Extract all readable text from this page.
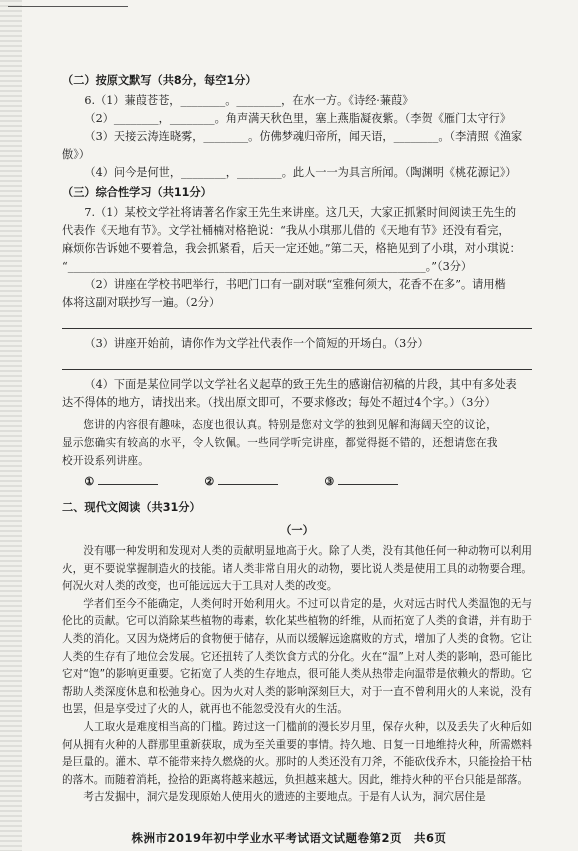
（二）按原文默写（共8分，每空1分）
6.（1）蒹葭苍苍，________。________，在水一方。《诗经·蒹葭》
（2）________，________。角声满天秋色里，塞上燕脂凝夜紫。（李贺《雁门太守行》
（3）天接云涛连晓雾，________。仿佛梦魂归帝所，闻天语，________。（李清照《渔家
傲》）
（4）问今是何世，________，________。此人一一为具言所闻。（陶渊明《桃花源记》）
（三）综合性学习（共11分）
7.（1）某校文学社将请著名作家王先生来讲座。这几天，大家正抓紧时间阅读王先生的
代表作《天地有节》。文学社桶楠对格艳说：“我从小琪那儿借的《天地有节》还没有看完，
麻烦你告诉她不要着急，我会抓紧看，后天一定还她。”第二天，格艳见到了小琪，对小琪说：
“________________________________________________________________。”（3分）
（2）讲座在学校书吧举行，书吧门口有一副对联“室雅何须大，花香不在多”。请用楷
体将这副对联抄写一遍。（2分）
（3）讲座开始前，请你作为文学社代表作一个简短的开场白。（3分）
（4）下面是某位同学以文学社名义起草的致王先生的感谢信初稿的片段，其中有多处表
达不得体的地方，请找出来。（找出原文即可，不要求修改；每处不超过4个字。）（3分）
您讲的内容很有趣味，态度也很认真。特别是您对文学的独到见解和海阔天空的议论，
显示您确实有较高的水平，令人钦佩。一些同学听完讲座，都觉得挺不错的，还想请您在我
校开设系列讲座。
①	②	③
二、现代文阅读（共31分）
（一）
没有哪一种发明和发现对人类的贡献明显地高于火。除了人类，没有其他任何一种动物可以利用火，更不要说掌握制造火的技能。诸人类非常自用火的动物，要比说人类是使用工具的动物要合理。何况火对人类的改变，也可能远远大于工具对人类的改变。
学者们至今不能确定，人类何时开始利用火。不过可以肯定的是，火对远古时代人类温饱的无与伦比的贡献。它可以消除某些植物的毒素，软化某些植物的纤维，从而拓宽了人类的食谱，并有助于人类的消化。又因为烧烤后的食物便于储存，从而以缓解远途腐败的方式，增加了人类的食物。它让人类的生存有了地位会发展。它还扭转了人类饮食方式的分化。火在“温”上对人类的影响，恐可能比它对“饱”的影响更重要。它拓宽了人类的生存地点，很可能人类从热带走向温带是依赖火的帮助。它帮助人类深度休息和松弛身心。因为火对人类的影响深刻巨大，对于一直不曾利用火的人来说，没有也罢，但是享受过了火的人，就再也不能忽受没有火的生活。
人工取火是难度相当高的门槛。跨过这一门槛前的漫长岁月里，保存火种，以及丢失了火种后如何从拥有火种的人群那里重新获取，成为至关重要的事情。持久地、日复一日地维持火种，所需燃料是巨量的。灌木、草不能带来持久燃烧的火。那时的人类还没有刀斧，不能砍伐乔木，只能捡拾干枯的落木。而随着消耗，捡拾的距离将越来越远，负担越来越大。因此，维持火种的平台只能是部落。
考古发掘中，洞穴是发现原始人使用火的遗迹的主要地点。于是有人认为，洞穴居住是
株洲市2019年初中学业水平考试语文试题卷第2页　共6页
